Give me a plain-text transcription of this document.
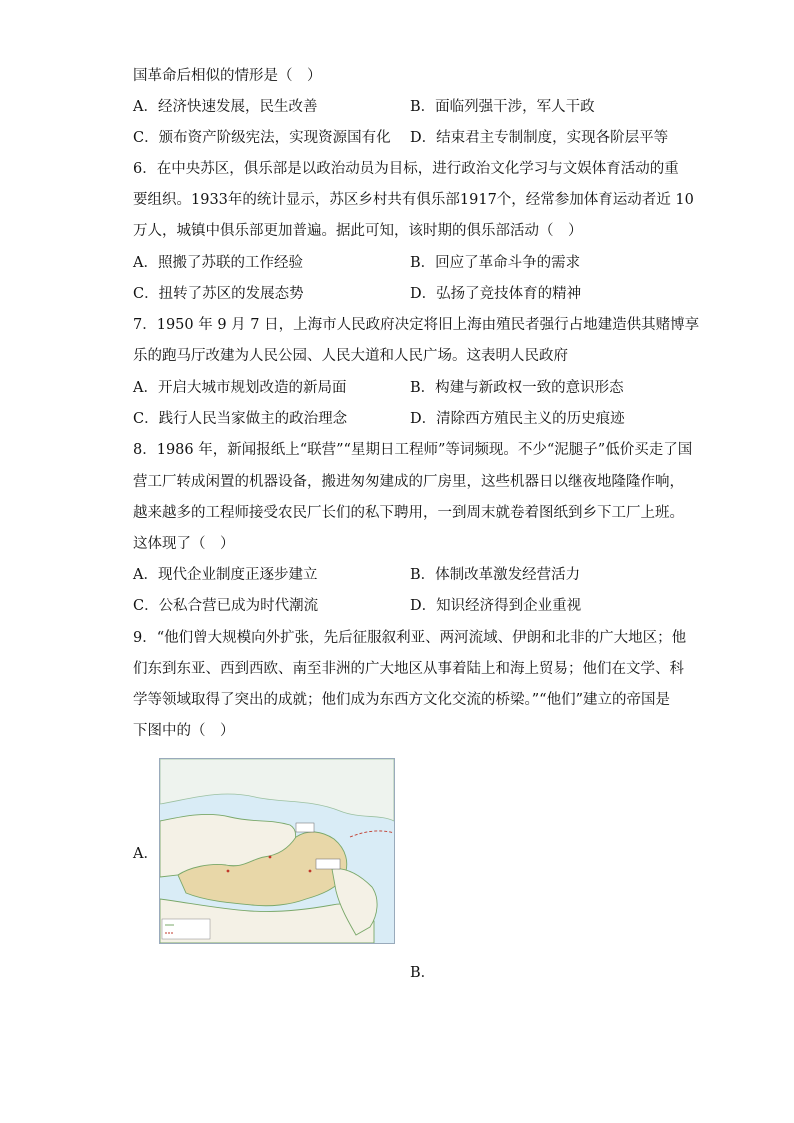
国革命后相似的情形是（　）
A．经济快速发展，民生改善	B．面临列强干涉，军人干政
C．颁布资产阶级宪法，实现资源国有化 D．结束君主专制制度，实现各阶层平等
6．在中央苏区，俱乐部是以政治动员为目标，进行政治文化学习与文娱体育活动的重
要组织。1933年的统计显示，苏区乡村共有俱乐部1917个，经常参加体育运动者近 10
万人，城镇中俱乐部更加普遍。据此可知，该时期的俱乐部活动（　）
A．照搬了苏联的工作经验	B．回应了革命斗争的需求
C．扭转了苏区的发展态势	D．弘扬了竞技体育的精神
7．1950 年 9 月 7 日，上海市人民政府决定将旧上海由殖民者强行占地建造供其赌博享
乐的跑马厅改建为人民公园、人民大道和人民广场。这表明人民政府
A．开启大城市规划改造的新局面	B．构建与新政权一致的意识形态
C．践行人民当家做主的政治理念	D．清除西方殖民主义的历史痕迹
8．1986 年，新闻报纸上“联营”“星期日工程师”等词频现。不少“泥腿子”低价买走了国
营工厂转成闲置的机器设备，搬进匆匆建成的厂房里，这些机器日以继夜地隆隆作响，
越来越多的工程师接受农民厂长们的私下聘用，一到周末就卷着图纸到乡下工厂上班。
这体现了（　）
A．现代企业制度正逐步建立	B．体制改革激发经营活力
C．公私合营已成为时代潮流	D．知识经济得到企业重视
9．“他们曾大规模向外扩张，先后征服叙利亚、两河流域、伊朗和北非的广大地区；他
们东到东亚、西到西欧、南至非洲的广大地区从事着陆上和海上贸易；他们在文学、科
学等领域取得了突出的成就；他们成为东西方文化交流的桥梁。”“他们”建立的帝国是
下图中的（　）
A．
B．
